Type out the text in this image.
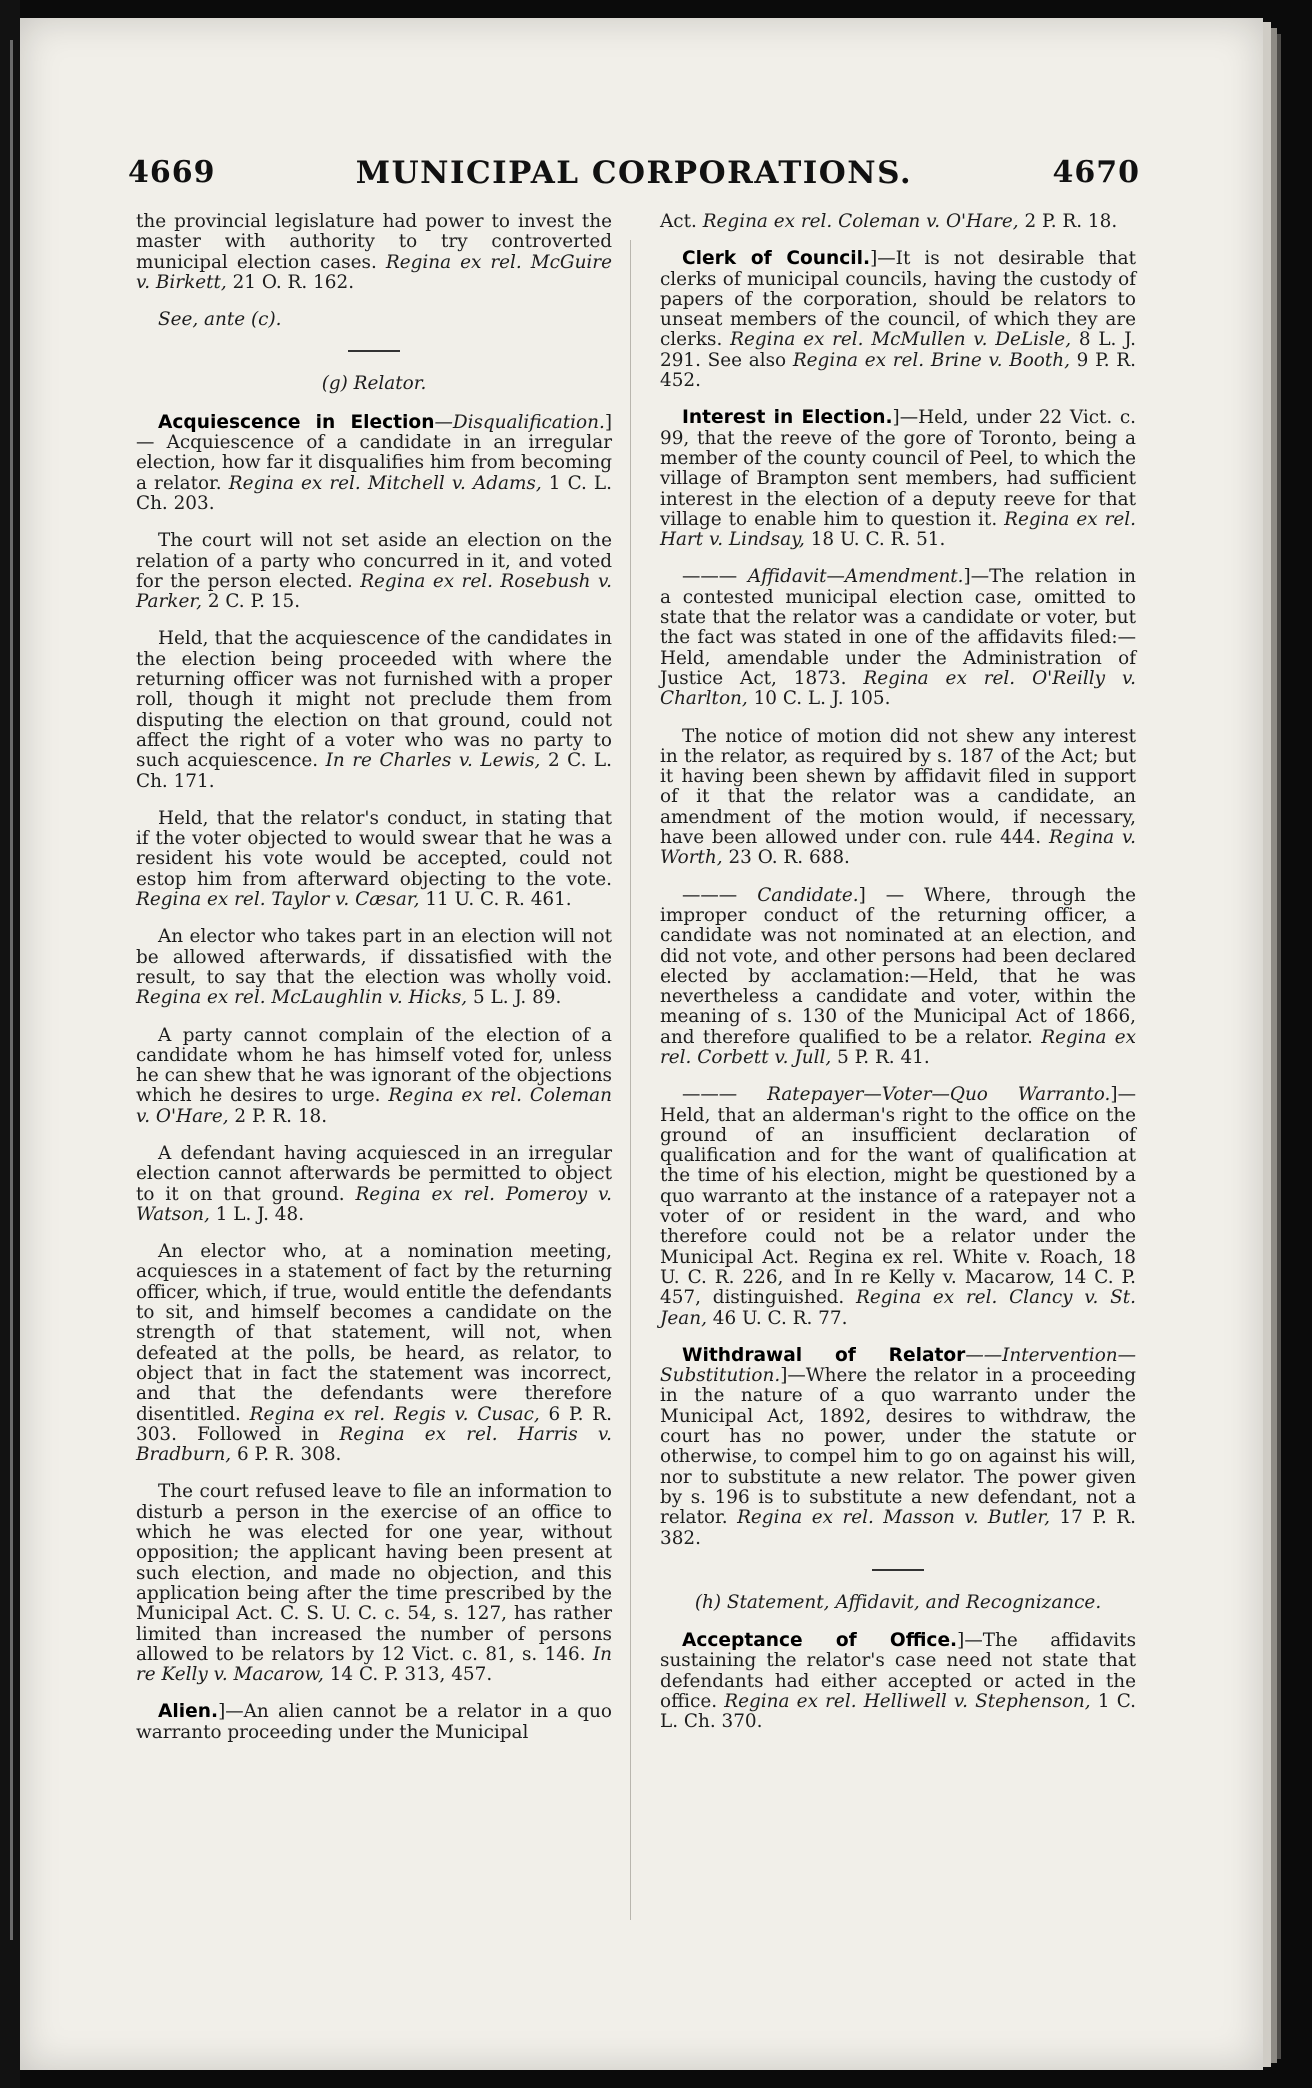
4669	MUNICIPAL CORPORATIONS.	4670

the provincial legislature had power to invest the master with authority to try controverted municipal election cases. Regina ex rel. McGuire v. Birkett, 21 O. R. 162.

See, ante (c).

(g) Relator.

Acquiescence in Election—Disqualification.] — Acquiescence of a candidate in an irregular election, how far it disqualifies him from becoming a relator. Regina ex rel. Mitchell v. Adams, 1 C. L. Ch. 203.

The court will not set aside an election on the relation of a party who concurred in it, and voted for the person elected. Regina ex rel. Rosebush v. Parker, 2 C. P. 15.

Held, that the acquiescence of the candidates in the election being proceeded with where the returning officer was not furnished with a proper roll, though it might not preclude them from disputing the election on that ground, could not affect the right of a voter who was no party to such acquiescence. In re Charles v. Lewis, 2 C. L. Ch. 171.

Held, that the relator's conduct, in stating that if the voter objected to would swear that he was a resident his vote would be accepted, could not estop him from afterward objecting to the vote. Regina ex rel. Taylor v. Cæsar, 11 U. C. R. 461.

An elector who takes part in an election will not be allowed afterwards, if dissatisfied with the result, to say that the election was wholly void. Regina ex rel. McLaughlin v. Hicks, 5 L. J. 89.

A party cannot complain of the election of a candidate whom he has himself voted for, unless he can shew that he was ignorant of the objections which he desires to urge. Regina ex rel. Coleman v. O'Hare, 2 P. R. 18.

A defendant having acquiesced in an irregular election cannot afterwards be permitted to object to it on that ground. Regina ex rel. Pomeroy v. Watson, 1 L. J. 48.

An elector who, at a nomination meeting, acquiesces in a statement of fact by the returning officer, which, if true, would entitle the defendants to sit, and himself becomes a candidate on the strength of that statement, will not, when defeated at the polls, be heard, as relator, to object that in fact the statement was incorrect, and that the defendants were therefore disentitled. Regina ex rel. Regis v. Cusac, 6 P. R. 303. Followed in Regina ex rel. Harris v. Bradburn, 6 P. R. 308.

The court refused leave to file an information to disturb a person in the exercise of an office to which he was elected for one year, without opposition; the applicant having been present at such election, and made no objection, and this application being after the time prescribed by the Municipal Act. C. S. U. C. c. 54, s. 127, has rather limited than increased the number of persons allowed to be relators by 12 Vict. c. 81, s. 146. In re Kelly v. Macarow, 14 C. P. 313, 457.

Alien.]—An alien cannot be a relator in a quo warranto proceeding under the Municipal

Act. Regina ex rel. Coleman v. O'Hare, 2 P. R. 18.

Clerk of Council.]—It is not desirable that clerks of municipal councils, having the custody of papers of the corporation, should be relators to unseat members of the council, of which they are clerks. Regina ex rel. McMullen v. DeLisle, 8 L. J. 291. See also Regina ex rel. Brine v. Booth, 9 P. R. 452.

Interest in Election.]—Held, under 22 Vict. c. 99, that the reeve of the gore of Toronto, being a member of the county council of Peel, to which the village of Brampton sent members, had sufficient interest in the election of a deputy reeve for that village to enable him to question it. Regina ex rel. Hart v. Lindsay, 18 U. C. R. 51.

——— Affidavit—Amendment.]—The relation in a contested municipal election case, omitted to state that the relator was a candidate or voter, but the fact was stated in one of the affidavits filed:—Held, amendable under the Administration of Justice Act, 1873. Regina ex rel. O'Reilly v. Charlton, 10 C. L. J. 105.

The notice of motion did not shew any interest in the relator, as required by s. 187 of the Act; but it having been shewn by affidavit filed in support of it that the relator was a candidate, an amendment of the motion would, if necessary, have been allowed under con. rule 444. Regina v. Worth, 23 O. R. 688.

——— Candidate.] — Where, through the improper conduct of the returning officer, a candidate was not nominated at an election, and did not vote, and other persons had been declared elected by acclamation:—Held, that he was nevertheless a candidate and voter, within the meaning of s. 130 of the Municipal Act of 1866, and therefore qualified to be a relator. Regina ex rel. Corbett v. Jull, 5 P. R. 41.

——— Ratepayer—Voter—Quo Warranto.]—Held, that an alderman's right to the office on the ground of an insufficient declaration of qualification and for the want of qualification at the time of his election, might be questioned by a quo warranto at the instance of a ratepayer not a voter of or resident in the ward, and who therefore could not be a relator under the Municipal Act. Regina ex rel. White v. Roach, 18 U. C. R. 226, and In re Kelly v. Macarow, 14 C. P. 457, distinguished. Regina ex rel. Clancy v. St. Jean, 46 U. C. R. 77.

Withdrawal of Relator——Intervention—Substitution.]—Where the relator in a proceeding in the nature of a quo warranto under the Municipal Act, 1892, desires to withdraw, the court has no power, under the statute or otherwise, to compel him to go on against his will, nor to substitute a new relator. The power given by s. 196 is to substitute a new defendant, not a relator. Regina ex rel. Masson v. Butler, 17 P. R. 382.

(h) Statement, Affidavit, and Recognizance.

Acceptance of Office.]—The affidavits sustaining the relator's case need not state that defendants had either accepted or acted in the office. Regina ex rel. Helliwell v. Stephenson, 1 C. L. Ch. 370.
